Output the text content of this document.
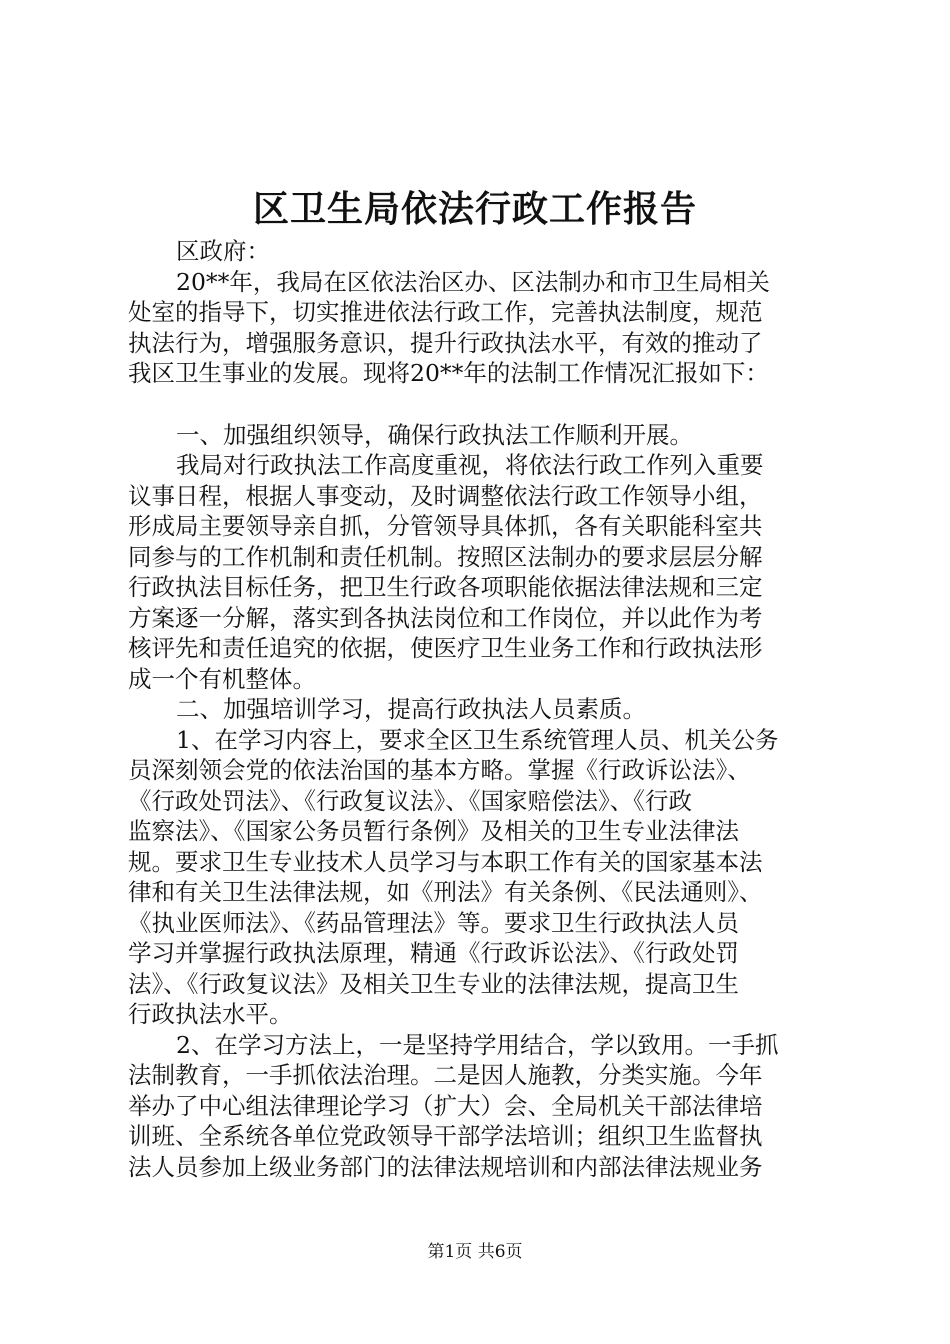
区卫生局依法行政工作报告
区政府：
20**年，我局在区依法治区办、区法制办和市卫生局相关
处室的指导下，切实推进依法行政工作，完善执法制度，规范
执法行为，增强服务意识，提升行政执法水平，有效的推动了
我区卫生事业的发展。现将20**年的法制工作情况汇报如下：
一、加强组织领导，确保行政执法工作顺利开展。
我局对行政执法工作高度重视，将依法行政工作列入重要
议事日程，根据人事变动，及时调整依法行政工作领导小组，
形成局主要领导亲自抓，分管领导具体抓，各有关职能科室共
同参与的工作机制和责任机制。按照区法制办的要求层层分解
行政执法目标任务，把卫生行政各项职能依据法律法规和三定
方案逐一分解，落实到各执法岗位和工作岗位，并以此作为考
核评先和责任追究的依据，使医疗卫生业务工作和行政执法形
成一个有机整体。
二、加强培训学习，提高行政执法人员素质。
1、在学习内容上，要求全区卫生系统管理人员、机关公务
员深刻领会党的依法治国的基本方略。掌握《行政诉讼法》、
《行政处罚法》、《行政复议法》、《国家赔偿法》、《行政
监察法》、《国家公务员暂行条例》及相关的卫生专业法律法
规。要求卫生专业技术人员学习与本职工作有关的国家基本法
律和有关卫生法律法规，如《刑法》有关条例、《民法通则》、
《执业医师法》、《药品管理法》等。要求卫生行政执法人员
学习并掌握行政执法原理，精通《行政诉讼法》、《行政处罚
法》、《行政复议法》及相关卫生专业的法律法规，提高卫生
行政执法水平。
2、在学习方法上，一是坚持学用结合，学以致用。一手抓
法制教育，一手抓依法治理。二是因人施教，分类实施。今年
举办了中心组法律理论学习（扩大）会、全局机关干部法律培
训班、全系统各单位党政领导干部学法培训；组织卫生监督执
法人员参加上级业务部门的法律法规培训和内部法律法规业务
第1页 共6页
